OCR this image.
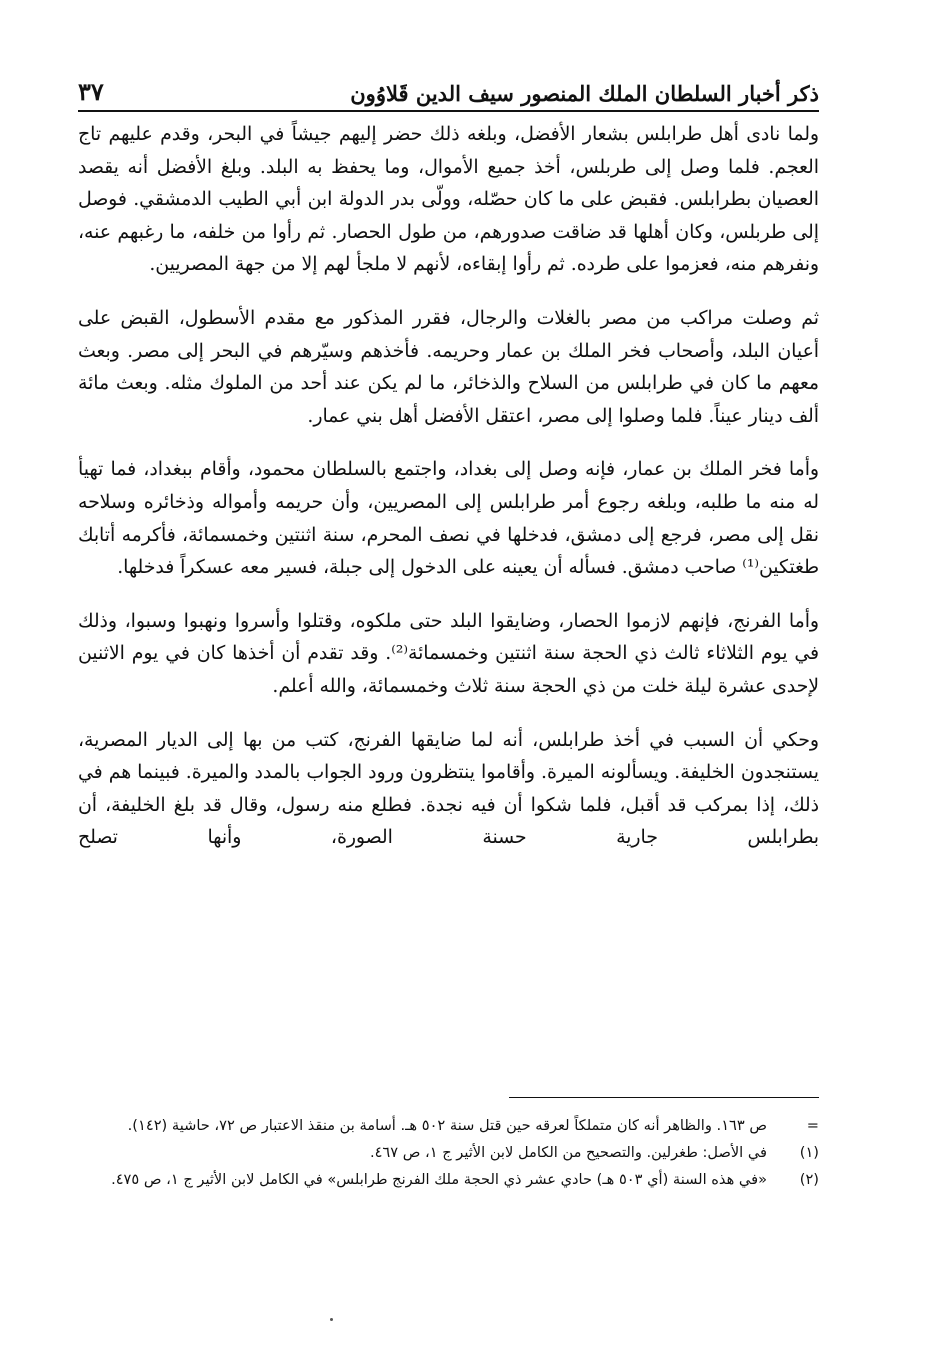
ذكر أخبار السلطان الملك المنصور سيف الدين قَلاوُون
٣٧

ولما نادى أهل طرابلس بشعار الأفضل، وبلغه ذلك حضر إليهم جيشاً في البحر، وقدم عليهم تاج العجم. فلما وصل إلى طربلس، أخذ جميع الأموال، وما يحفظ به البلد. وبلغ الأفضل أنه يقصد العصيان بطرابلس. فقبض على ما كان حصّله، وولّى بدر الدولة ابن أبي الطيب الدمشقي. فوصل إلى طربلس، وكان أهلها قد ضاقت صدورهم، من طول الحصار. ثم رأوا من خلفه، ما رغبهم عنه، ونفرهم منه، فعزموا على طرده. ثم رأوا إبقاءه، لأنهم لا ملجأ لهم إلا من جهة المصريين.

ثم وصلت مراكب من مصر بالغلات والرجال، فقرر المذكور مع مقدم الأسطول، القبض على أعيان البلد، وأصحاب فخر الملك بن عمار وحريمه. فأخذهم وسيّرهم في البحر إلى مصر. وبعث معهم ما كان في طرابلس من السلاح والذخائر، ما لم يكن عند أحد من الملوك مثله. وبعث مائة ألف دينار عيناً. فلما وصلوا إلى مصر، اعتقل الأفضل أهل بني عمار.

وأما فخر الملك بن عمار، فإنه وصل إلى بغداد، واجتمع بالسلطان محمود، وأقام ببغداد، فما تهيأ له منه ما طلبه، وبلغه رجوع أمر طرابلس إلى المصريين، وأن حريمه وأمواله وذخائره وسلاحه نقل إلى مصر، فرجع إلى دمشق، فدخلها في نصف المحرم، سنة اثنتين وخمسمائة، فأكرمه أتابك طغتكين⁽¹⁾ صاحب دمشق. فسأله أن يعينه على الدخول إلى جبلة، فسير معه عسكراً فدخلها.

وأما الفرنج، فإنهم لازموا الحصار، وضايقوا البلد حتى ملكوه، وقتلوا وأسروا ونهبوا وسبوا، وذلك في يوم الثلاثاء ثالث ذي الحجة سنة اثنتين وخمسمائة⁽²⁾. وقد تقدم أن أخذها كان في يوم الاثنين لإحدى عشرة ليلة خلت من ذي الحجة سنة ثلاث وخمسمائة، والله أعلم.

وحكي أن السبب في أخذ طرابلس، أنه لما ضايقها الفرنج، كتب من بها إلى الديار المصرية، يستنجدون الخليفة. ويسألونه الميرة. وأقاموا ينتظرون ورود الجواب بالمدد والميرة. فبينما هم في ذلك، إذا بمركب قد أقبل، فلما شكوا أن فيه نجدة. فطلع منه رسول، وقال قد بلغ الخليفة، أن بطرابلس جارية حسنة الصورة، وأنها تصلح

=
ص ١٦٣. والظاهر أنه كان متملكاً لعرقه حين قتل سنة ٥٠٢ هـ. أسامة بن منقذ الاعتبار ص ٧٢، حاشية (١٤٢).
(١)
في الأصل: طغرلين. والتصحيح من الكامل لابن الأثير ج ١، ص ٤٦٧.
(٢)
«في هذه السنة (أي ٥٠٣ هـ) حادي عشر ذي الحجة ملك الفرنج طرابلس» في الكامل لابن الأثير ج ١، ص ٤٧٥.
